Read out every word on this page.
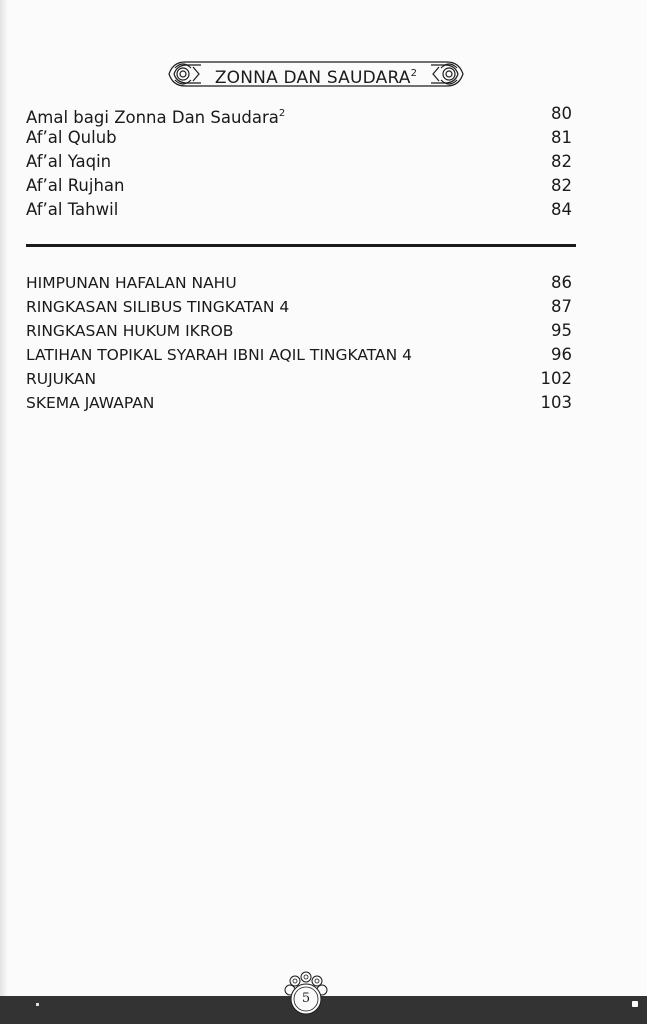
ZONNA DAN SAUDARA$^2$
Amal bagi Zonna Dan Saudara$^2$	80
Af’al Qulub	81
Af’al Yaqin	82
Af’al Rujhan	82
Af’al Tahwil	84
HIMPUNAN HAFALAN NAHU	86
RINGKASAN SILIBUS TINGKATAN 4	87
RINGKASAN HUKUM IKROB	95
LATIHAN TOPIKAL SYARAH IBNI AQIL TINGKATAN 4	96
RUJUKAN	102
SKEMA JAWAPAN	103
5
